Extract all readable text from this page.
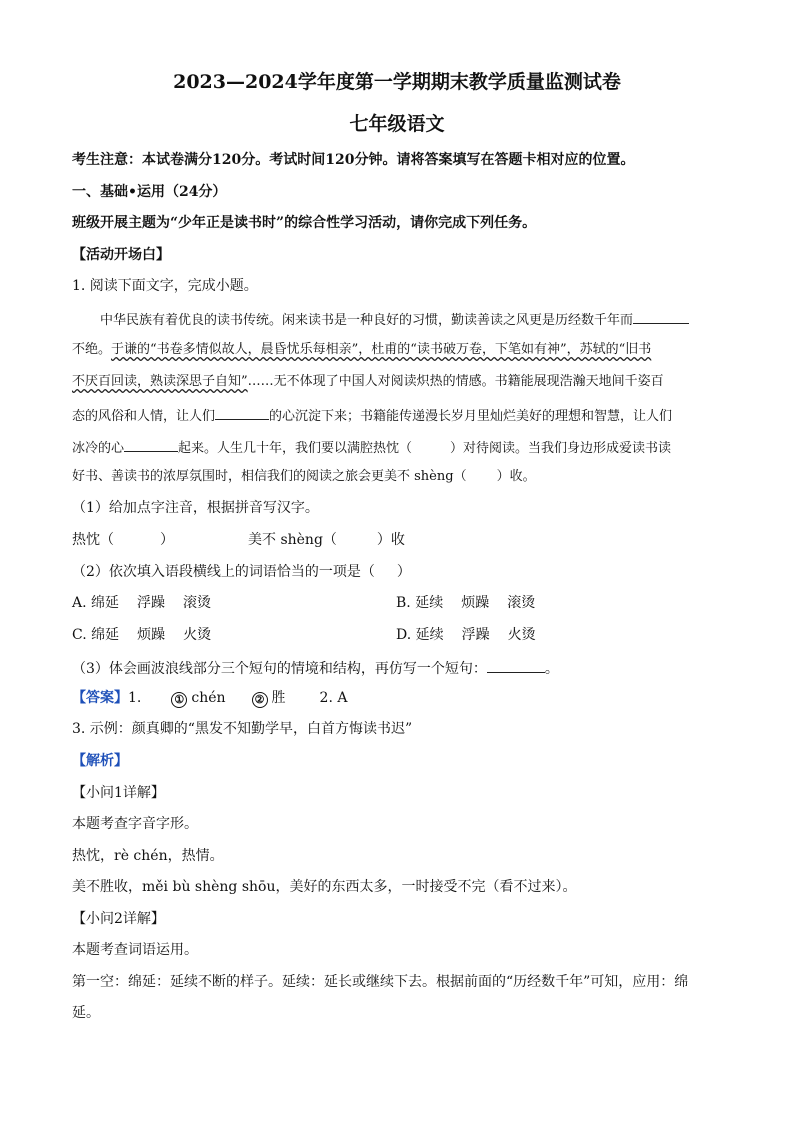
2023—2024学年度第一学期期末教学质量监测试卷
七年级语文
考生注意：本试卷满分120分。考试时间120分钟。请将答案填写在答题卡相对应的位置。
一、基础•运用（24分）
班级开展主题为“少年正是读书时”的综合性学习活动，请你完成下列任务。
【活动开场白】
1. 阅读下面文字，完成小题。
中华民族有着优良的读书传统。闲来读书是一种良好的习惯，勤读善读之风更是历经数千年而
不绝。于谦的“书卷多情似故人，晨昏忧乐每相亲”，杜甫的“读书破万卷，下笔如有神”，苏轼的“旧书
不厌百回读，熟读深思子自知”……无不体现了中国人对阅读炽热的情感。书籍能展现浩瀚天地间千姿百
态的风俗和人情，让人们	的心沉淀下来；书籍能传递漫长岁月里灿烂美好的理想和智慧，让人们
冰冷的心	起来。人生几十年，我们要以满腔热忱（	）对待阅读。当我们身边形成爱读书读
好书、善读书的浓厚氛围时，相信我们的阅读之旅会更美不 shèng（ ）收。
（1）给加点字注音，根据拼音写汉字。
热忱（	）	美不 shèng（	）收
（2）依次填入语段横线上的词语恰当的一项是（ ）
A. 绵延 浮躁 滚烫	B. 延续 烦躁 滚烫
C. 绵延 烦躁 火烫	D. 延续 浮躁 火烫
（3）体会画波浪线部分三个短句的情境和结构，再仿写一个短句：	。
【答案】1.	① chén	② 胜 2. A
3. 示例：颜真卿的“黑发不知勤学早，白首方悔读书迟”
【解析】
【小问1详解】
本题考查字音字形。
热忱，rè chén，热情。
美不胜收，měi bù shèng shōu，美好的东西太多，一时接受不完（看不过来）。
【小问2详解】
本题考查词语运用。
第一空：绵延：延续不断的样子。延续：延长或继续下去。根据前面的“历经数千年”可知，应用：绵
延。
